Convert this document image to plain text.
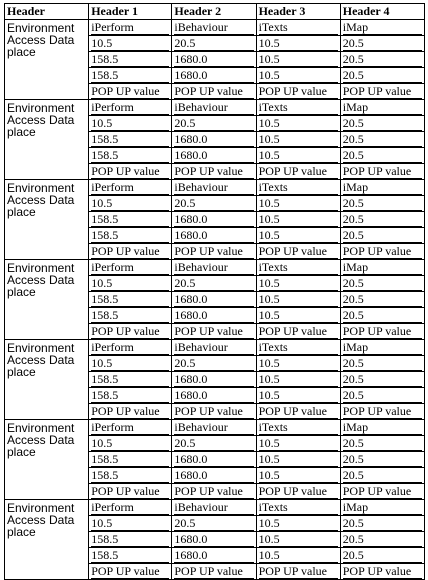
Header	Header 1	Header 2	Header 3	Header 4
Environment Access Data place	iPerform	iBehaviour	iTexts	iMap

	10.5	20.5	10.5	20.5

	158.5	1680.0	10.5	20.5

	158.5	1680.0	10.5	20.5

	POP UP value	POP UP value	POP UP value	POP UP value

Environment Access Data place	iPerform	iBehaviour	iTexts	iMap

	10.5	20.5	10.5	20.5

	158.5	1680.0	10.5	20.5

	158.5	1680.0	10.5	20.5

	POP UP value	POP UP value	POP UP value	POP UP value

Environment Access Data place	iPerform	iBehaviour	iTexts	iMap

	10.5	20.5	10.5	20.5

	158.5	1680.0	10.5	20.5

	158.5	1680.0	10.5	20.5

	POP UP value	POP UP value	POP UP value	POP UP value

Environment Access Data place	iPerform	iBehaviour	iTexts	iMap

	10.5	20.5	10.5	20.5

	158.5	1680.0	10.5	20.5

	158.5	1680.0	10.5	20.5

	POP UP value	POP UP value	POP UP value	POP UP value

Environment Access Data place	iPerform	iBehaviour	iTexts	iMap

	10.5	20.5	10.5	20.5

	158.5	1680.0	10.5	20.5

	158.5	1680.0	10.5	20.5

	POP UP value	POP UP value	POP UP value	POP UP value

Environment Access Data place	iPerform	iBehaviour	iTexts	iMap

	10.5	20.5	10.5	20.5

	158.5	1680.0	10.5	20.5

	158.5	1680.0	10.5	20.5

	POP UP value	POP UP value	POP UP value	POP UP value

Environment Access Data place	iPerform	iBehaviour	iTexts	iMap

	10.5	20.5	10.5	20.5

	158.5	1680.0	10.5	20.5

	158.5	1680.0	10.5	20.5

	POP UP value	POP UP value	POP UP value	POP UP value
